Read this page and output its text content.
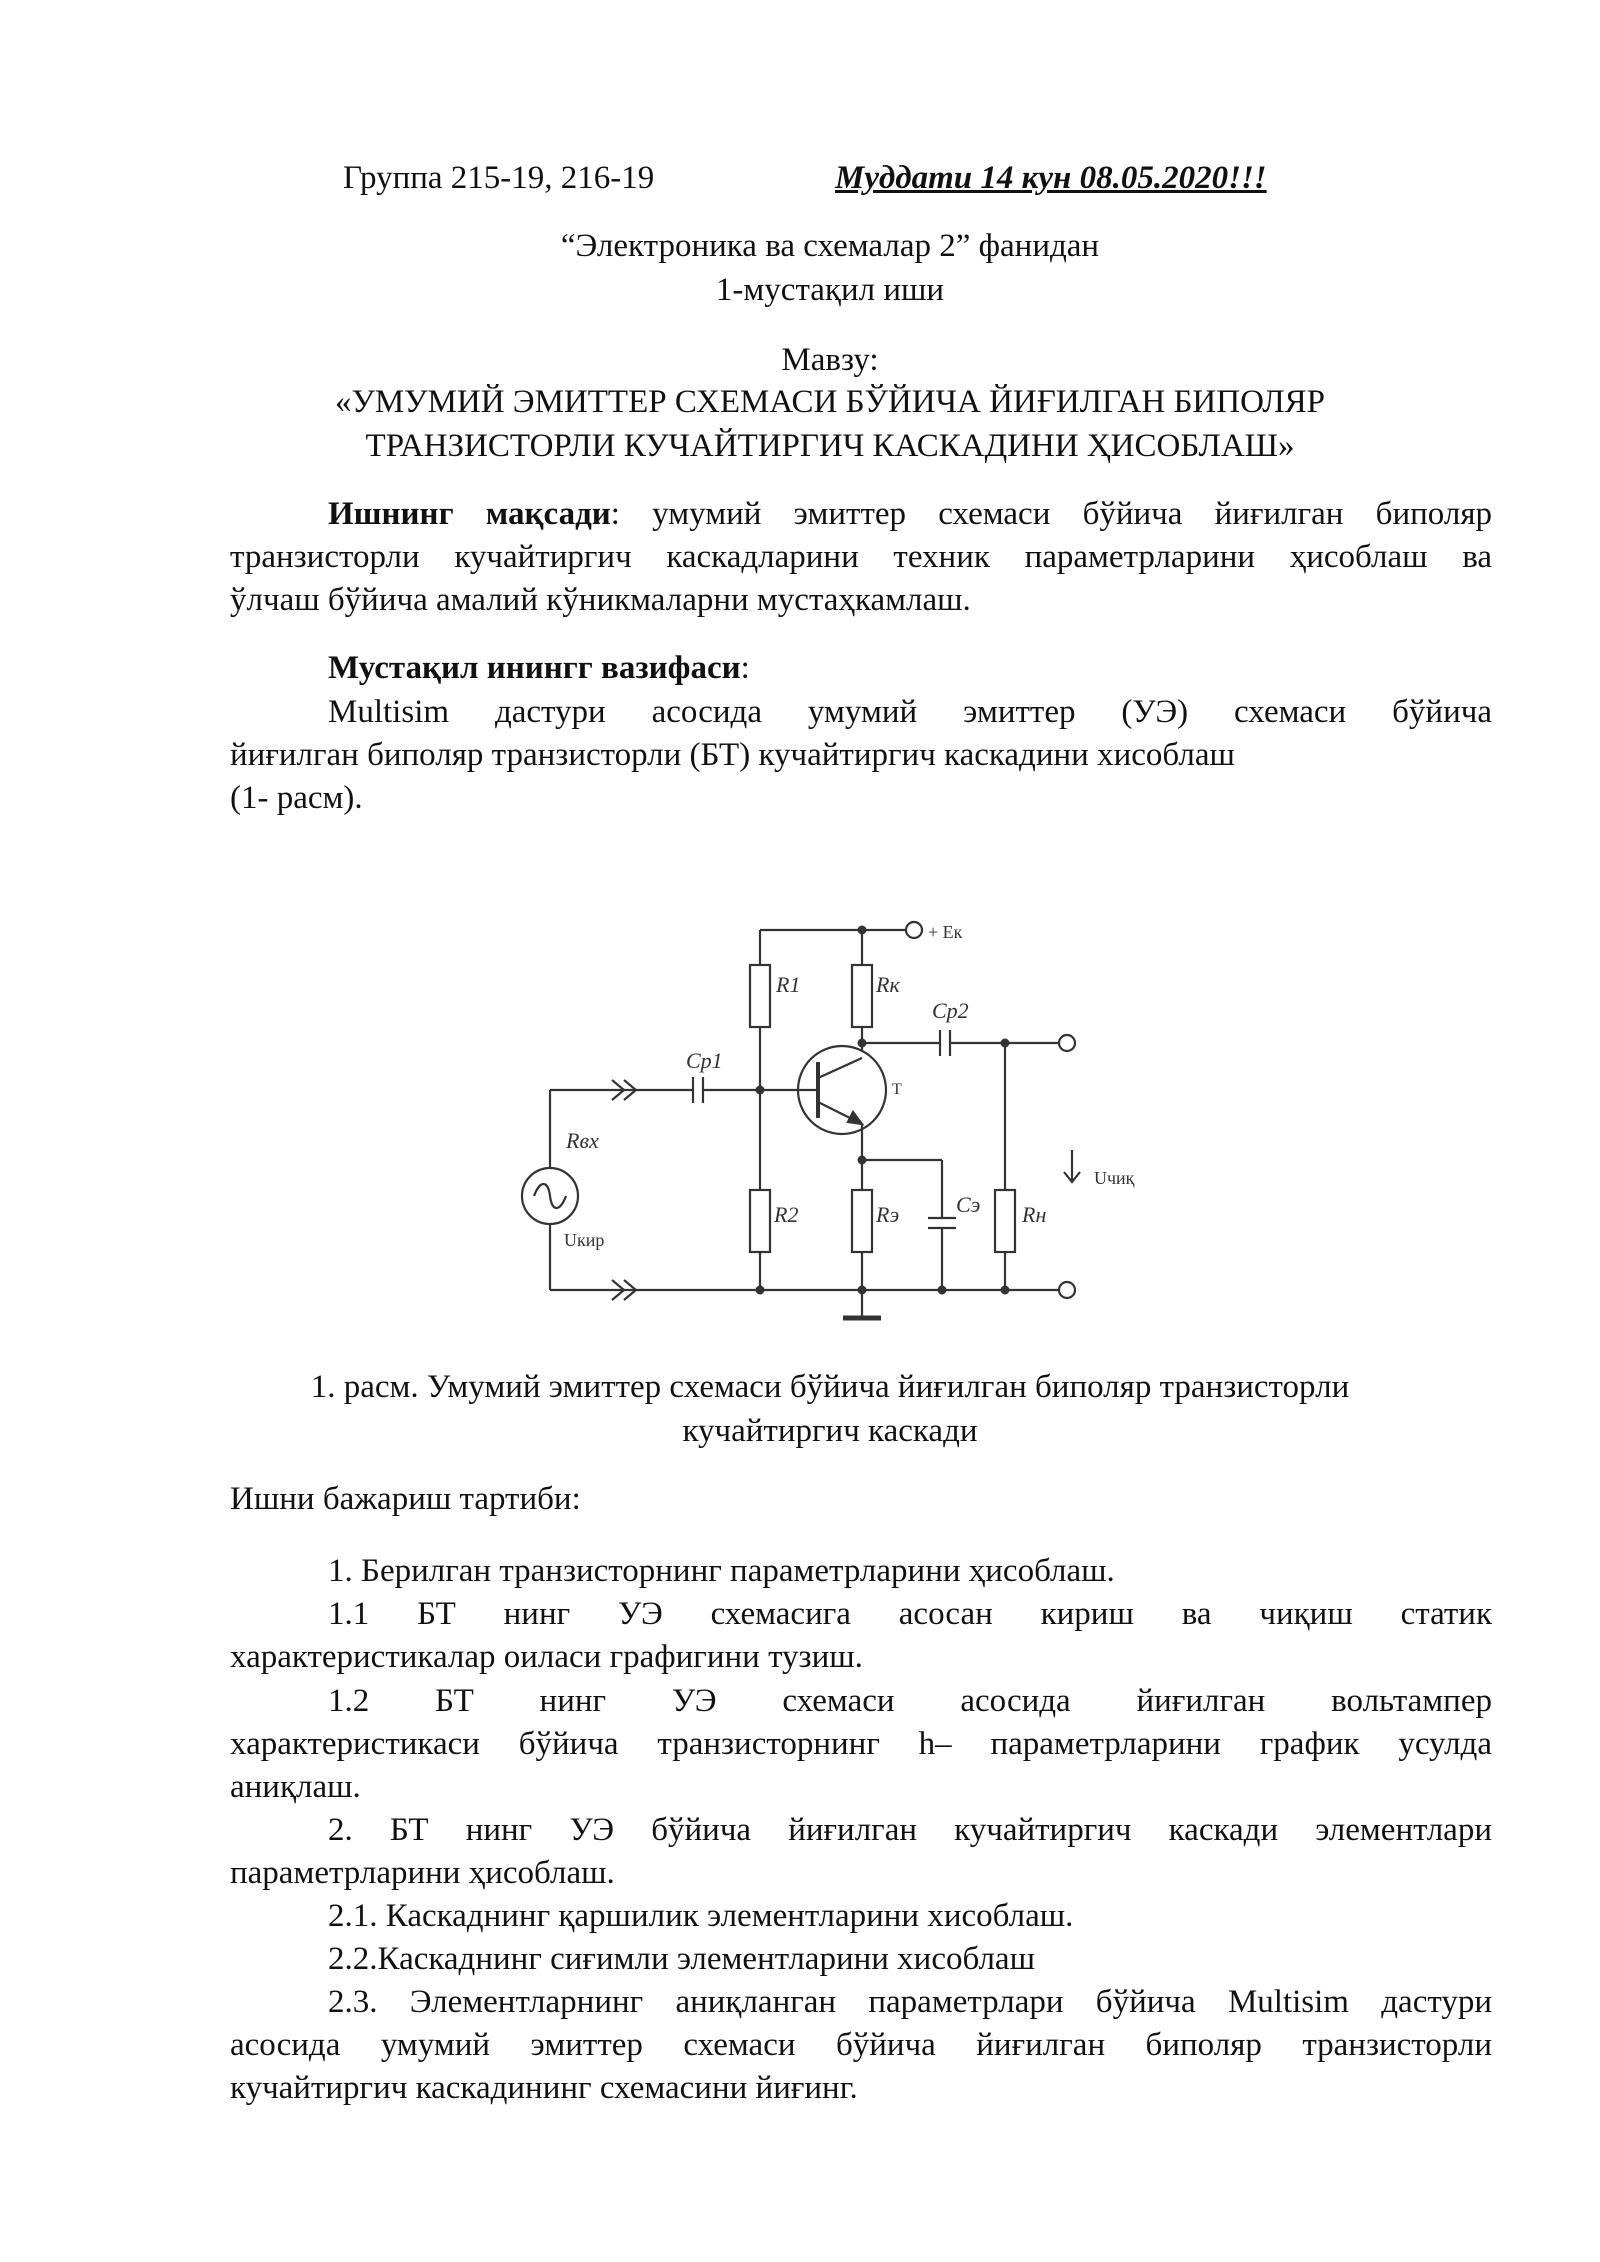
Группа 215-19, 216-19	Муддати 14 кун 08.05.2020!!!
“Электроника ва схемалар 2” фанидан
1-мустақил иши
Мавзу:
«УМУМИЙ ЭМИТТЕР СХЕМАСИ БЎЙИЧА ЙИҒИЛГАН БИПОЛЯР
ТРАНЗИСТОРЛИ КУЧАЙТИРГИЧ КАСКАДИНИ ҲИСОБЛАШ»
Ишнинг мақсади: умумий эмиттер схемаси бўйича йиғилган биполяр
транзисторли кучайтиргич каскадларини техник параметрларини ҳисоблаш ва
ўлчаш бўйича амалий кўникмаларни мустаҳкамлаш.
Мустақил инингг вазифаси:
Multisim дастури асосида умумий эмиттер (УЭ) схемаси бўйича
йиғилган биполяр транзисторли (БТ) кучайтиргич каскадини хисоблаш
(1- расм).
+ Eк
R1	Rк
Cp2
Cp1
T
Rвх
Uчиқ
R2	Rэ	Cэ Rн
Uкир
1. расм. Умумий эмиттер схемаси бўйича йиғилган биполяр транзисторли
кучайтиргич каскади
Ишни бажариш тартиби:
1. Берилган транзисторнинг параметрларини ҳисоблаш.
1.1 БТ нинг УЭ схемасига асосан кириш ва чиқиш статик
характеристикалар оиласи графигини тузиш.
1.2 БТ нинг УЭ схемаси асосида йиғилган вольтампер
характеристикаси бўйича транзисторнинг h– параметрларини график усулда
аниқлаш.
2. БТ нинг УЭ бўйича йиғилган кучайтиргич каскади элементлари
параметрларини ҳисоблаш.
2.1. Каскаднинг қаршилик элементларини хисоблаш.
2.2.Каскаднинг сиғимли элементларини хисоблаш
2.3. Элементларнинг аниқланган параметрлари бўйича Multisim дастури
асосида умумий эмиттер схемаси бўйича йиғилган биполяр транзисторли
кучайтиргич каскадининг схемасини йиғинг.
